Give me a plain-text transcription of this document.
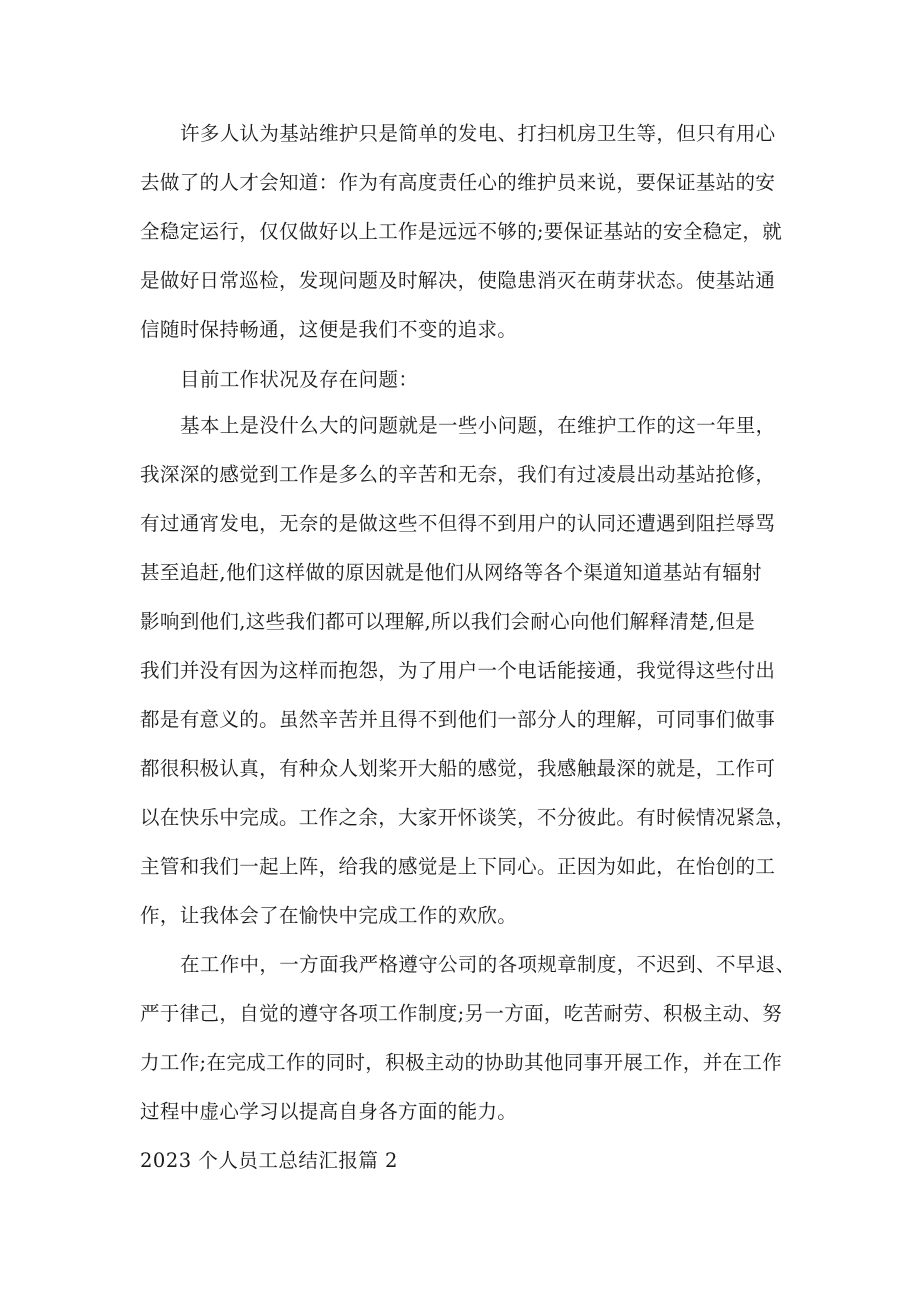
许多人认为基站维护只是简单的发电、打扫机房卫生等，但只有用心
去做了的人才会知道：作为有高度责任心的维护员来说，要保证基站的安
全稳定运行，仅仅做好以上工作是远远不够的;要保证基站的安全稳定，就
是做好日常巡检，发现问题及时解决，使隐患消灭在萌芽状态。使基站通
信随时保持畅通，这便是我们不变的追求。
目前工作状况及存在问题：
基本上是没什么大的问题就是一些小问题，在维护工作的这一年里，
我深深的感觉到工作是多么的辛苦和无奈，我们有过凌晨出动基站抢修，
有过通宵发电，无奈的是做这些不但得不到用户的认同还遭遇到阻拦辱骂
甚至追赶,他们这样做的原因就是他们从网络等各个渠道知道基站有辐射
影响到他们,这些我们都可以理解,所以我们会耐心向他们解释清楚,但是
我们并没有因为这样而抱怨，为了用户一个电话能接通，我觉得这些付出
都是有意义的。虽然辛苦并且得不到他们一部分人的理解，可同事们做事
都很积极认真，有种众人划桨开大船的感觉，我感触最深的就是，工作可
以在快乐中完成。工作之余，大家开怀谈笑，不分彼此。有时候情况紧急，
主管和我们一起上阵，给我的感觉是上下同心。正因为如此，在怡创的工
作，让我体会了在愉快中完成工作的欢欣。
在工作中，一方面我严格遵守公司的各项规章制度，不迟到、不早退、
严于律己，自觉的遵守各项工作制度;另一方面，吃苦耐劳、积极主动、努
力工作;在完成工作的同时，积极主动的协助其他同事开展工作，并在工作
过程中虚心学习以提高自身各方面的能力。
2023 个人员工总结汇报篇 2
